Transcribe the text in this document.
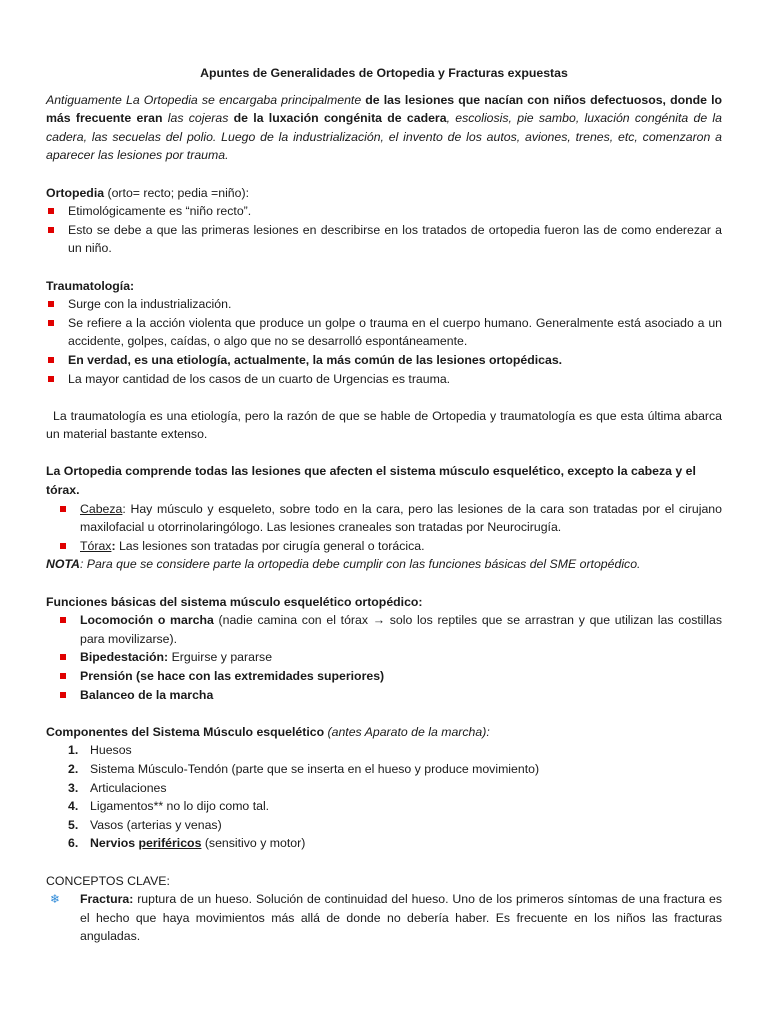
Apuntes de Generalidades de Ortopedia y Fracturas expuestas

Antiguamente La Ortopedia se encargaba principalmente de las lesiones que nacían con niños defectuosos, donde lo más frecuente eran las cojeras de la luxación congénita de cadera, escoliosis, pie sambo, luxación congénita de la cadera, las secuelas del polio. Luego de la industrialización, el invento de los autos, aviones, trenes, etc, comenzaron a aparecer las lesiones por trauma.

Ortopedia (orto= recto; pedia =niño):

Etimológicamente es “niño recto”.
Esto se debe a que las primeras lesiones en describirse en los tratados de ortopedia fueron las de como enderezar a un niño.

Traumatología:

Surge con la industrialización.
Se refiere a la acción violenta que produce un golpe o trauma en el cuerpo humano. Generalmente está asociado a un accidente, golpes, caídas, o algo que no se desarrolló espontáneamente.
En verdad, es una etiología, actualmente, la más común de las lesiones ortopédicas.
La mayor cantidad de los casos de un cuarto de Urgencias es trauma.

La traumatología es una etiología, pero la razón de que se hable de Ortopedia y traumatología es que esta última abarca un material bastante extenso.

La Ortopedia comprende todas las lesiones que afecten el sistema músculo esquelético, excepto la cabeza y el tórax.

Cabeza: Hay músculo y esqueleto, sobre todo en la cara, pero las lesiones de la cara son tratadas por el cirujano maxilofacial u otorrinolaringólogo. Las lesiones craneales son tratadas por Neurocirugía.
Tórax: Las lesiones son tratadas por cirugía general o torácica.

NOTA: Para que se considere parte la ortopedia debe cumplir con las funciones básicas del SME ortopédico.

Funciones básicas del sistema músculo esquelético ortopédico:

Locomoción o marcha (nadie camina con el tórax → solo los reptiles que se arrastran y que utilizan las costillas para movilizarse).
Bipedestación: Erguirse y pararse
Prensión (se hace con las extremidades superiores)
Balanceo de la marcha

Componentes del Sistema Músculo esquelético (antes Aparato de la marcha):

1. Huesos
2. Sistema Músculo-Tendón (parte que se inserta en el hueso y produce movimiento)
3. Articulaciones
4. Ligamentos** no lo dijo como tal.
5. Vasos (arterias y venas)
6. Nervios periféricos (sensitivo y motor)

CONCEPTOS CLAVE:

❄ Fractura: ruptura de un hueso. Solución de continuidad del hueso. Uno de los primeros síntomas de una fractura es el hecho que haya movimientos más allá de donde no debería haber. Es frecuente en los niños las fracturas anguladas.
